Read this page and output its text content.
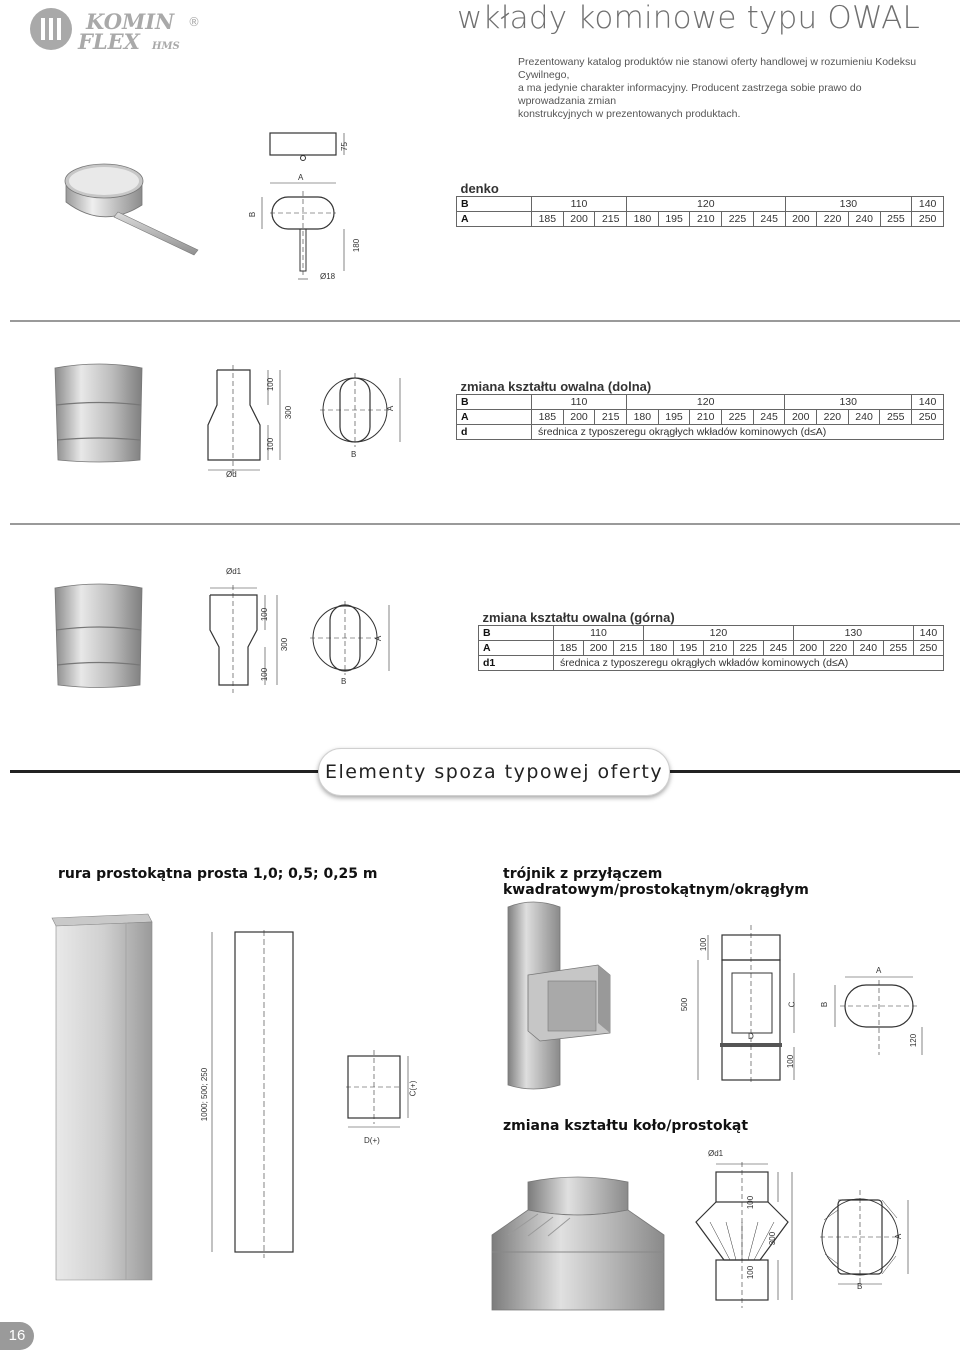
KOMIN
FLEX HMS
®	wkłady kominowe typu OWAL

Prezentowany katalog produktów nie stanowi oferty handlowej w rozumieniu Kodeksu Cywilnego,

a ma jedynie charakter informacyjny. Producent zastrzega sobie prawo do wprowadzania zmian

konstrukcyjnych w prezentowanych produktach.

75
A
B
180
Ø18
denko													
B	110			120					130				140
A	185	200	215	180	195	210	225	245	200	220	240	255	250
100
300
100
Ød
A
B
zmiana kształtu owalna (dolna)													
B	110			120					130				140
A	185	200	215	180	195	210	225	245	200	220	240	255	250
d	średnica z typoszeregu okrągłych wkładów kominowych (d≤A)												
Ød1
100
300
100
A
B
zmiana kształtu owalna (górna)													
B	110			120					130				140
A	185	200	215	180	195	210	225	245	200	220	240	255	250
d1	średnica z typoszeregu okrągłych wkładów kominowych (d≤A)												
Elementy spoza typowej oferty
rura prostokątna prosta 1,0; 0,5; 0,25 m	trójnik z przyłączem kwadratowym/prostokątnym/okrągłym
1000; 500; 250	C(+)
D(+)
100
500	C
D
100
A
B
120
zmiana kształtu koło/prostokąt
Ød1
100
300
100
A
B
16
